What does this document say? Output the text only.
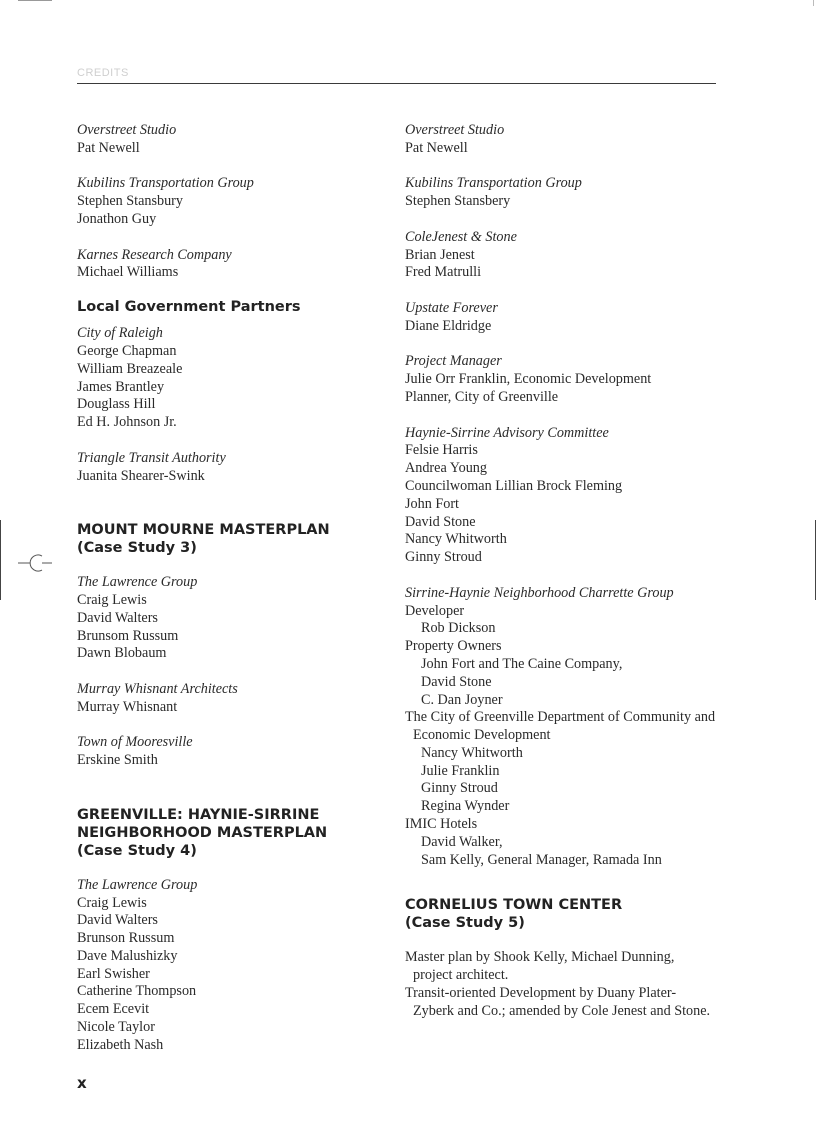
CREDITS
Overstreet Studio
Pat Newell
Kubilins Transportation Group
Stephen Stansbury
Jonathon Guy
Karnes Research Company
Michael Williams
Local Government Partners
City of Raleigh
George Chapman
William Breazeale
James Brantley
Douglass Hill
Ed H. Johnson Jr.
Triangle Transit Authority
Juanita Shearer-Swink
MOUNT MOURNE MASTERPLAN
(Case Study 3)
The Lawrence Group
Craig Lewis
David Walters
Brunsom Russum
Dawn Blobaum
Murray Whisnant Architects
Murray Whisnant
Town of Mooresville
Erskine Smith
GREENVILLE: HAYNIE-SIRRINE
NEIGHBORHOOD MASTERPLAN
(Case Study 4)
The Lawrence Group
Craig Lewis
David Walters
Brunson Russum
Dave Malushizky
Earl Swisher
Catherine Thompson
Ecem Ecevit
Nicole Taylor
Elizabeth Nash
Overstreet Studio
Pat Newell
Kubilins Transportation Group
Stephen Stansbery
ColeJenest & Stone
Brian Jenest
Fred Matrulli
Upstate Forever
Diane Eldridge
Project Manager
Julie Orr Franklin, Economic Development
Planner, City of Greenville
Haynie-Sirrine Advisory Committee
Felsie Harris
Andrea Young
Councilwoman Lillian Brock Fleming
John Fort
David Stone
Nancy Whitworth
Ginny Stroud
Sirrine-Haynie Neighborhood Charrette Group
Developer
Rob Dickson
Property Owners
John Fort and The Caine Company,
David Stone
C. Dan Joyner
The City of Greenville Department of Community and Economic Development
Nancy Whitworth
Julie Franklin
Ginny Stroud
Regina Wynder
IMIC Hotels
David Walker,
Sam Kelly, General Manager, Ramada Inn
CORNELIUS TOWN CENTER
(Case Study 5)
Master plan by Shook Kelly, Michael Dunning, project architect.
Transit-oriented Development by Duany Plater-Zyberk and Co.; amended by Cole Jenest and Stone.
x
